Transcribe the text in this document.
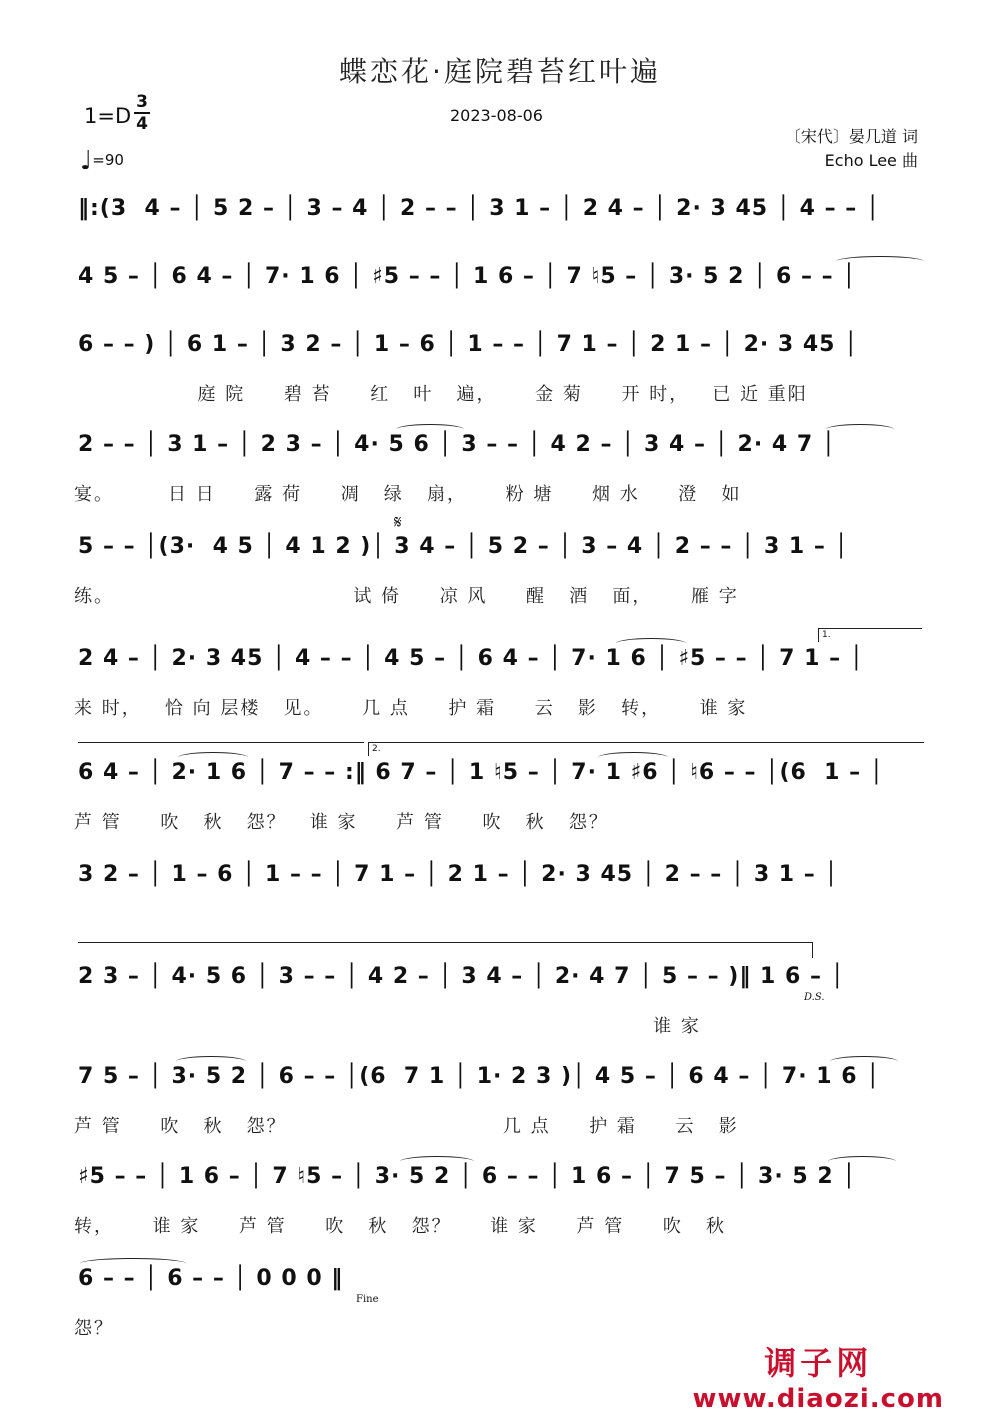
蝶恋花·庭院碧苔红叶遍
1=D
3
4	2023-08-06
♩=90
〔宋代〕晏几道 词
Echo Lee 曲
‖:(3  4 – │ 5 2 – │ 3 – 4 │ 2 – – │ 3 1 – │ 2 4 – │ 2· 3 45 │ 4 – – │
4 5 – │ 6 4 – │ 7· 1 6 │ ♯5 – – │ 1 6 – │ 7 ♮5 – │ 3· 5 2 │ 6 – – │
6 – – ) │ 6 1 – │ 3 2 – │ 1 – 6 │ 1 – – │ 7 1 – │ 2 1 – │ 2· 3 45 │
庭 院     碧 苔     红   叶   遍，     金 菊     开 时，   已 近 重阳
2 – – │ 3 1 – │ 2 3 – │ 4· 5 6 │ 3 – – │ 4 2 – │ 3 4 – │ 2· 4 7 │
宴。       日 日     露 荷     凋   绿   扇，     粉 塘     烟 水     澄   如
𝄋
5 – – │(3·  4 5 │ 4 1 2 )│ 3 4 – │ 5 2 – │ 3 – 4 │ 2 – – │ 3 1 – │
练。                               试 倚     凉 风     醒   酒   面，     雁 字
1.
2 4 – │ 2· 3 45 │ 4 – – │ 4 5 – │ 6 4 – │ 7· 1 6 │ ♯5 – – │ 7 1 – │
来 时，   恰 向 层楼   见。     几 点     护 霜     云   影   转，     谁 家
2.
6 4 – │ 2· 1 6 │ 7 – – :‖ 6 7 – │ 1 ♮5 – │ 7· 1 ♯6 │ ♮6 – – │(6  1 – │
芦 管     吹   秋   怨？   谁 家     芦 管     吹   秋   怨？
3 2 – │ 1 – 6 │ 1 – – │ 7 1 – │ 2 1 – │ 2· 3 45 │ 2 – – │ 3 1 – │
D.S.
2 3 – │ 4· 5 6 │ 3 – – │ 4 2 – │ 3 4 – │ 2· 4 7 │ 5 – – )‖ 1 6 – │
谁 家
7 5 – │ 3· 5 2 │ 6 – – │(6  7 1 │ 1· 2 3 )│ 4 5 – │ 6 4 – │ 7· 1 6 │
芦 管     吹   秋   怨？                            几 点     护 霜     云   影
♯5 – – │ 1 6 – │ 7 ♮5 – │ 3· 5 2 │ 6 – – │ 1 6 – │ 7 5 – │ 3· 5 2 │
转，     谁 家     芦 管     吹   秋   怨？     谁 家     芦 管     吹   秋
Fine
6 – – │ 6 – – │ 0 0 0 ‖
怨？
调子网
www.diaozi.com
